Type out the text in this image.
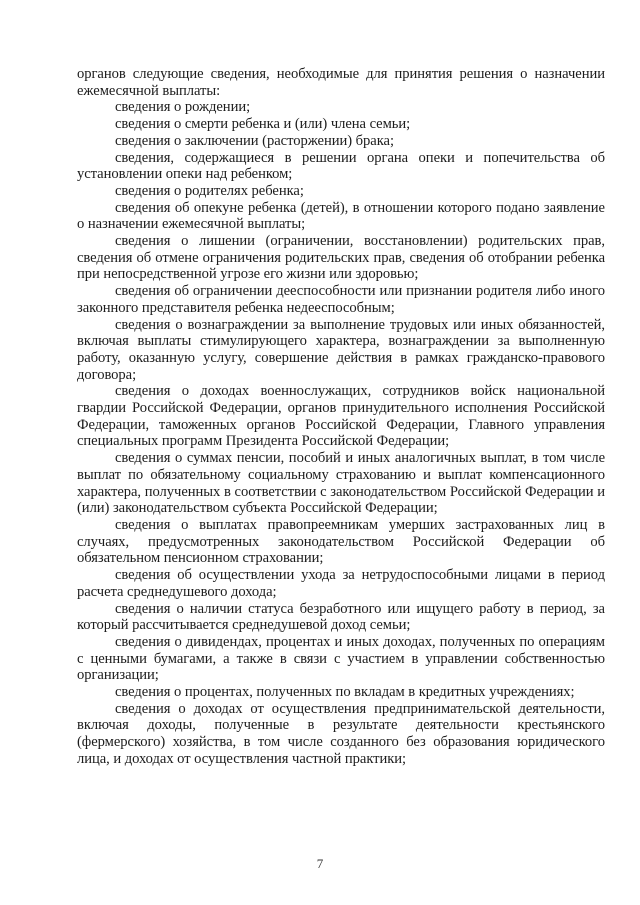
органов следующие сведения, необходимые для принятия решения о назначении ежемесячной выплаты:

сведения о рождении;

сведения о смерти ребенка и (или) члена семьи;

сведения о заключении (расторжении) брака;

сведения, содержащиеся в решении органа опеки и попечительства об установлении опеки над ребенком;

сведения о родителях ребенка;

сведения об опекуне ребенка (детей), в отношении которого подано заявление о назначении ежемесячной выплаты;

сведения о лишении (ограничении, восстановлении) родительских прав, сведения об отмене ограничения родительских прав, сведения об отобрании ребенка при непосредственной угрозе его жизни или здоровью;

сведения об ограничении дееспособности или признании родителя либо иного законного представителя ребенка недееспособным;

сведения о вознаграждении за выполнение трудовых или иных обязанностей, включая выплаты стимулирующего характера, вознаграждении за выполненную работу, оказанную услугу, совершение действия в рамках гражданско-правового договора;

сведения о доходах военнослужащих, сотрудников войск национальной гвардии Российской Федерации, органов принудительного исполнения Российской Федерации, таможенных органов Российской Федерации, Главного управления специальных программ Президента Российской Федерации;

сведения о суммах пенсии, пособий и иных аналогичных выплат, в том числе выплат по обязательному социальному страхованию и выплат компенсационного характера, полученных в соответствии с законодательством Российской Федерации и (или) законодательством субъекта Российской Федерации;

сведения о выплатах правопреемникам умерших застрахованных лиц в случаях, предусмотренных законодательством Российской Федерации об обязательном пенсионном страховании;

сведения об осуществлении ухода за нетрудоспособными лицами в период расчета среднедушевого дохода;

сведения о наличии статуса безработного или ищущего работу в период, за который рассчитывается среднедушевой доход семьи;

сведения о дивидендах, процентах и иных доходах, полученных по операциям с ценными бумагами, а также в связи с участием в управлении собственностью организации;

сведения о процентах, полученных по вкладам в кредитных учреждениях;

сведения о доходах от осуществления предпринимательской деятельности, включая доходы, полученные в результате деятельности крестьянского (фермерского) хозяйства, в том числе созданного без образования юридического лица, и доходах от осуществления частной практики;

7
